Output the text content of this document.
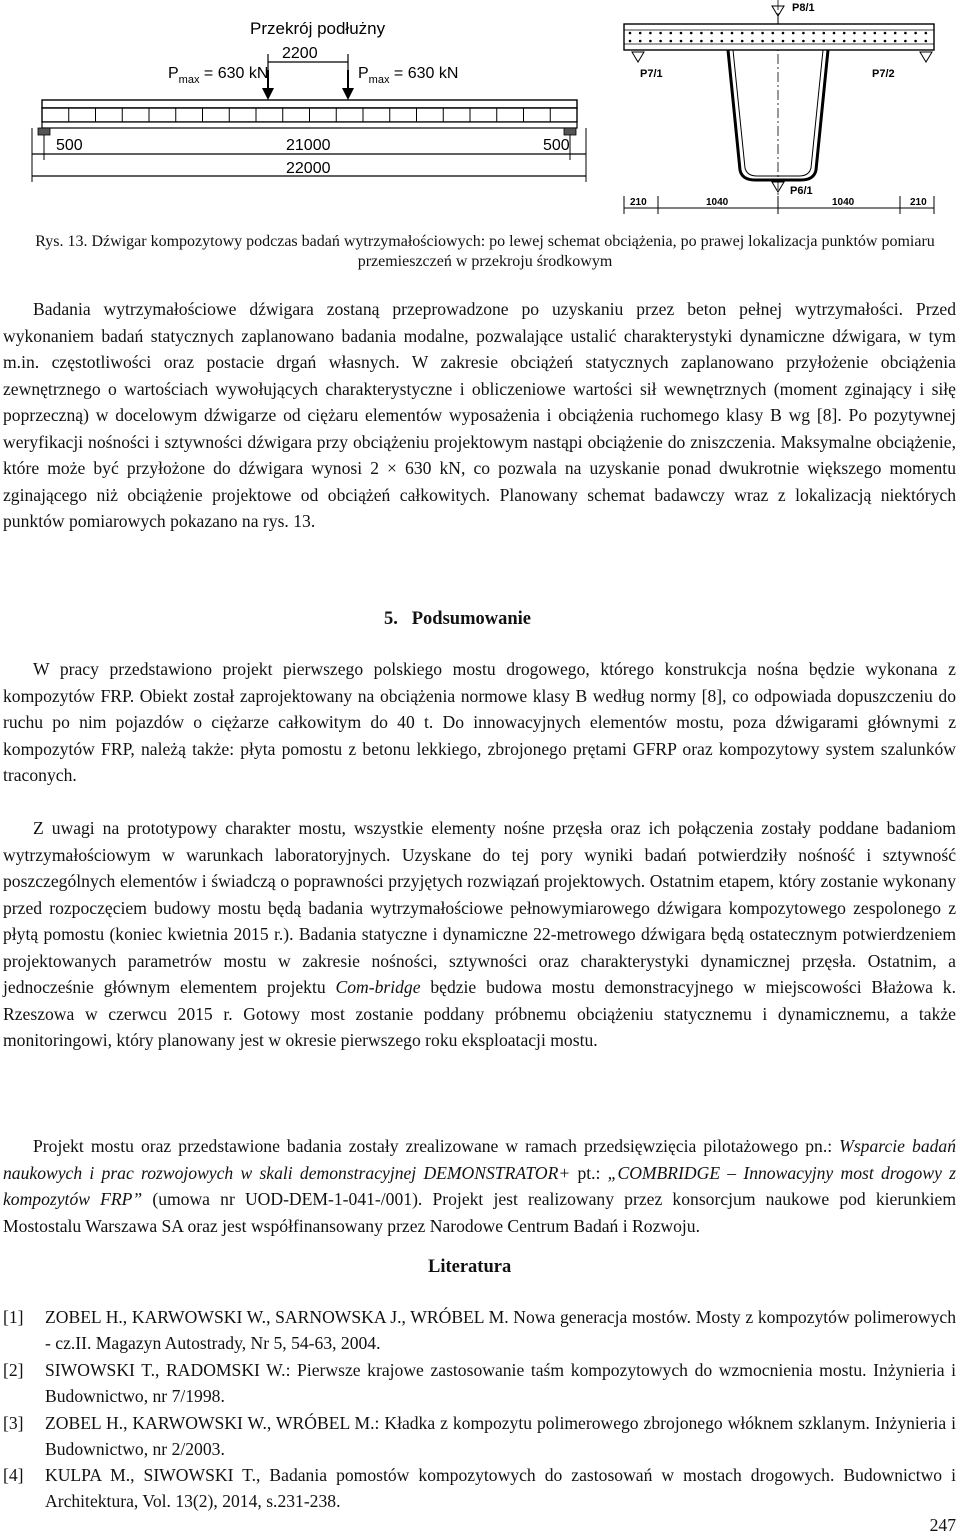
Przekrój podłużny
2200
$P_{max} = 630$ kN	$P_{max} = 630$ kN
500	21000	500
22000
P8/1
P7/1	P7/2
P6/1
210	1040	1040	210
Rys. 13. Dźwigar kompozytowy podczas badań wytrzymałościowych: po lewej schemat obciążenia, po prawej lokalizacja punktów pomiaru przemieszczeń w przekroju środkowym

Badania wytrzymałościowe dźwigara zostaną przeprowadzone po uzyskaniu przez beton pełnej wytrzymałości. Przed wykonaniem badań statycznych zaplanowano badania modalne, pozwalające ustalić charakterystyki dynamiczne dźwigara, w tym m.in. częstotliwości oraz postacie drgań własnych. W zakresie obciążeń statycznych zaplanowano przyłożenie obciążenia zewnętrznego o wartościach wywołujących charakterystyczne i obliczeniowe wartości sił wewnętrznych (moment zginający i siłę poprzeczną) w docelowym dźwigarze od ciężaru elementów wyposażenia i obciążenia ruchomego klasy B wg [8]. Po pozytywnej weryfikacji nośności i sztywności dźwigara przy obciążeniu projektowym nastąpi obciążenie do zniszczenia. Maksymalne obciążenie, które może być przyłożone do dźwigara wynosi 2 × 630 kN, co pozwala na uzyskanie ponad dwukrotnie większego momentu zginającego niż obciążenie projektowe od obciążeń całkowitych. Planowany schemat badawczy wraz z lokalizacją niektórych punktów pomiarowych pokazano na rys. 13.

5. Podsumowanie

W pracy przedstawiono projekt pierwszego polskiego mostu drogowego, którego konstrukcja nośna będzie wykonana z kompozytów FRP. Obiekt został zaprojektowany na obciążenia normowe klasy B według normy [8], co odpowiada dopuszczeniu do ruchu po nim pojazdów o ciężarze całkowitym do 40 t. Do innowacyjnych elementów mostu, poza dźwigarami głównymi z kompozytów FRP, należą także: płyta pomostu z betonu lekkiego, zbrojonego prętami GFRP oraz kompozytowy system szalunków traconych.

Z uwagi na prototypowy charakter mostu, wszystkie elementy nośne przęsła oraz ich połączenia zostały poddane badaniom wytrzymałościowym w warunkach laboratoryjnych. Uzyskane do tej pory wyniki badań potwierdziły nośność i sztywność poszczególnych elementów i świadczą o poprawności przyjętych rozwiązań projektowych. Ostatnim etapem, który zostanie wykonany przed rozpoczęciem budowy mostu będą badania wytrzymałościowe pełnowymiarowego dźwigara kompozytowego zespolonego z płytą pomostu (koniec kwietnia 2015 r.). Badania statyczne i dynamiczne 22-metrowego dźwigara będą ostatecznym potwierdzeniem projektowanych parametrów mostu w zakresie nośności, sztywności oraz charakterystyki dynamicznej przęsła. Ostatnim, a jednocześnie głównym elementem projektu Com-bridge będzie budowa mostu demonstracyjnego w miejscowości Błażowa k. Rzeszowa w czerwcu 2015 r. Gotowy most zostanie poddany próbnemu obciążeniu statycznemu i dynamicznemu, a także monitoringowi, który planowany jest w okresie pierwszego roku eksploatacji mostu.

Projekt mostu oraz przedstawione badania zostały zrealizowane w ramach przedsięwzięcia pilotażowego pn.: Wsparcie badań naukowych i prac rozwojowych w skali demonstracyjnej DEMONSTRATOR+ pt.: „COMBRIDGE – Innowacyjny most drogowy z kompozytów FRP” (umowa nr UOD-DEM-1-041-/001). Projekt jest realizowany przez konsorcjum naukowe pod kierunkiem Mostostalu Warszawa SA oraz jest współfinansowany przez Narodowe Centrum Badań i Rozwoju.

Literatura
[1] ZOBEL H., KARWOWSKI W., SARNOWSKA J., WRÓBEL M. Nowa generacja mostów. Mosty z kompozytów polimerowych - cz.II. Magazyn Autostrady, Nr 5, 54-63, 2004.
[2] SIWOWSKI T., RADOMSKI W.: Pierwsze krajowe zastosowanie taśm kompozytowych do wzmocnienia mostu. Inżynieria i Budownictwo, nr 7/1998.
[3] ZOBEL H., KARWOWSKI W., WRÓBEL M.: Kładka z kompozytu polimerowego zbrojonego włóknem szklanym. Inżynieria i Budownictwo, nr 2/2003.
[4] KULPA M., SIWOWSKI T., Badania pomostów kompozytowych do zastosowań w mostach drogowych. Budownictwo i Architektura, Vol. 13(2), 2014, s.231-238.
247
